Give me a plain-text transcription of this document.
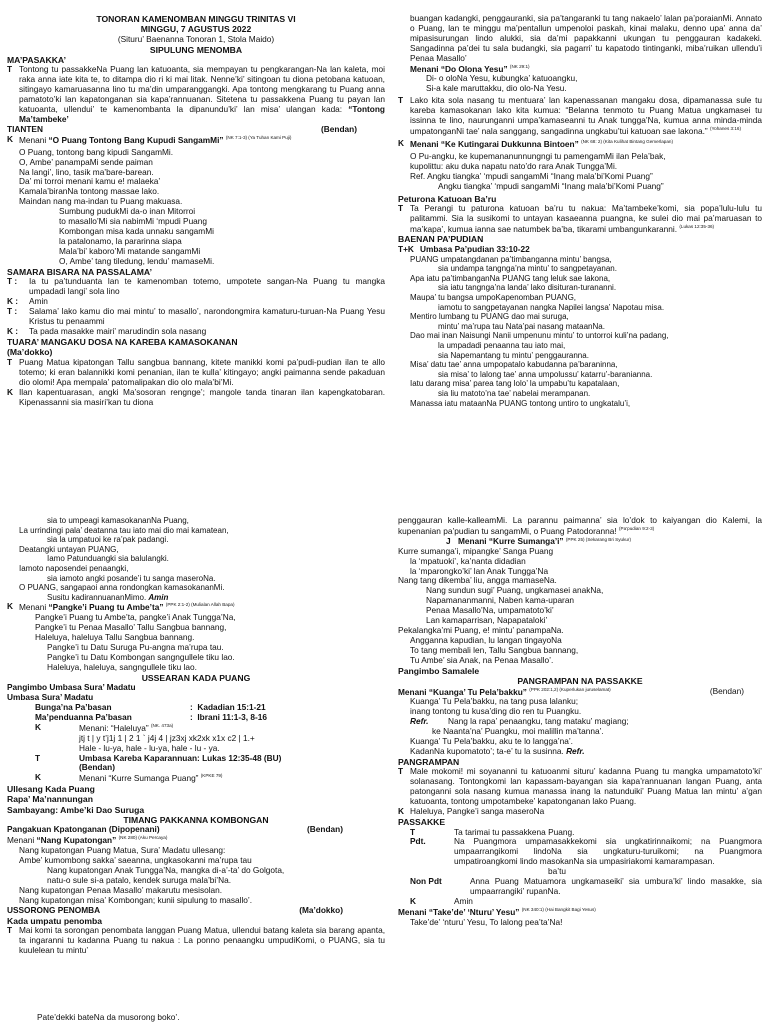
TONORAN KAMENOMBAN MINGGU TRINITAS VI
MINGGU, 7 AGUSTUS 2022
(Situru’ Baenanna Tonoran 1, Stola Maido)
SIPULUNG MENOMBA
MA’PASAKKA’
T Tontong tu passakkeNa Puang lan katuoanta, sia mempayan tu pengkarangan-Na lan kaleta, moi raka anna iate kita te, to ditampa dio ri ki mai litak. Nenne’ki’ sitingoan tu diona petobana katuoan, sitingayo kamaruasanna lino tu ma’din umparanggangki. Apa tontong mengkarang tu Puang anna pamatoto’ki lan kapatonganan sia kapa’rannuanan. Sitetena tu passakkena Puang tu payan lan katuoanta, ullendui’ te kamenombanta la dipanundu’ki’ lan misa’ ulangan kada: “Tontong Ma’tambeke’
TIANTEN	(Bendan)
K Menani “O Puang Tontong Bang Kupudi SangamMi” $^{(NK 7:1-3) (Ya Tuhan Kami Puji)}$
O Puang, tontong bang kipudi SangamMi.
O, Ambe’ panampaMi sende paiman
Na langi’, lino, tasik ma’bare-barean.
Da’ mi torroi menani kamu e! malaeka’
Kamala’biranNa tontong massae lako.
Maindan nang ma-indan tu Puang makuasa.
Sumbung pudukMi da-o inan Mitorroi
to masallo’Mi sia nabimMi ‘mpudi Puang
Kombongan misa kada unnaku sangamMi
la patalonamo, la pararinna siapa
Mala’bi’ kaboro’Mi matande sangamMi
O, Ambe’ tang tiledung, lendu’ mamaseMi.
SAMARA BISARA NA PASSALAMA’
T :	Ia tu pa’tunduanta lan te kamenomban totemo, umpotete sangan-Na Puang tu mangka umpadadi langi’ sola lino
K :	Amin
T :	Salama’ lako kamu dio mai mintu’ to masallo’, narondongmira kamaturu-turuan-Na Puang Yesu Kristus tu penaammi
K :	Ta pada masakke mairi’ marudindin sola nasang
TUARA’ MANGAKU DOSA NA KAREBA KAMASOKANAN
(Ma’dokko)
T Puang Matua kipatongan Tallu sangbua bannang, kitete manikki komi pa’pudi-pudian ilan te allo totemo; ki eran balannikki komi penanian, ilan te kulla’ kitingayo; angki paimanna sende pakaduan dio olomi! Apa mempala’ patomalipakan dio olo mala’bi’Mi.
K Ilan kapentuarasan, angki Ma’sosoran rengnge’; mangole tanda tinaran ilan kapengkatobaran. Kipenassanni sia masiri’kan tu diona
buangan kadangki, penggauranki, sia pa’tangaranki tu tang nakaelo’ lalan pa’poraianMi. Annato o Puang, lan te minggu ma’pentallun umpenoloi paskah, kinai malaku, denno upa’ anna da’ mipasisurungan lindo alukki, sia da’mi papakkanni ukungan tu penggauran kadakeki. Sangadinna pa’dei tu sala budangki, sia pagarri’ tu kapatodo tintinganki, miba’ruikan ullendu’i Penaa Masallo’
Menani “Do Olona Yesu” $^{(NK 29:1)}$
Di- o oloNa Yesu, kubungka’ katuoangku,
Si-a kale maruttakku, dio olo-Na Yesu.
T Lako kita sola nasang tu mentuara’ lan kapenassanan mangaku dosa, dipamanassa sule tu kareba kamasokanan lako kita kumua: “Belanna tenmoto tu Puang Matua ungkamasei tu issinna te lino, naurunganni umpa’kamaseanni tu Anak tungga’Na, kumua anna minda-minda umpatonganNi tae’ nala sanggang, sangadinna ungkabu’tui katuoan sae lakona.” $^{(Yohanes 3:16)}$
K Menani “Ke Kutingarai Dukkunna Bintoen” $^{(NK 68: 2) (Kita Kulihat Bintang Gemerlapan)}$
O Pu-angku, ke kupemananunnungngi tu pamengamMi ilan Pela’bak,
kupolittu: aku duka napatu nato’do rara Anak Tungga’Mi.
Ref. Angku tiangka’ ‘mpudi sangamMi “Inang mala’bi’Komi Puang”
Angku tiangka’ ‘mpudi sangamMi “Inang mala’bi’Komi Puang”
Peturona Katuoan Ba’ru
T Ta Perangi tu paturona katuoan ba’ru tu nakua: Ma’tambeke’komi, sia popa’lulu-lulu tu palitammi. Sia la susikomi to untayan kasaeanna puangna, ke sulei dio mai pa’maruasan to ma’kapa’, kumua ianna sae natumbek ba’ba, tikarami umbangunkaranni. $^{(Lukas 12:35-36)}$
BAENAN PA’PUDIAN
T+K Umbasa Pa’pudian 33:10-22
PUANG umpatangdanan pa’timbanganna mintu’ bangsa,
sia undampa tangnga’na mintu’ to sangpetayanan.
Apa iatu pa’timbanganNa PUANG tang leluk sae lakona,
sia iatu tangnga’na landa’ lako disituran-turananni.
Maupa’ tu bangsa umpoKapenomban PUANG,
iamotu to sangpetayanan nangka Napilei langsa’ Napotau misa.
Mentiro lumbang tu PUANG dao mai suruga,
mintu’ ma’rupa tau Nata’pai nasang mataanNa.
Dao mai inan Naisungi Nanii umpenunu mintu’ to untorroi kuli’na padang,
la umpadadi penaanna tau iato mai,
sia Napemantang tu mintu’ penggauranna.
Misa’ datu tae’ anna umpopatalo kabudanna pa’baraninna,
sia misa’ to lalong tae’ anna umpolussu’ katarru’-baranianna.
Iatu darang misa’ parea tang lolo’ la umpabu’tu kapatalaan,
sia liu matoto’na tae’ nabelai merampanan.
Manassa iatu mataanNa PUANG tontong untiro to ungkatalu’i,
sia to umpeagi kamasokananNa Puang,
La urrindingi pala’ deatanna tau iato mai dio mai kamatean,
sia la umpatuoi ke ra’pak padangi.
Deatangki untayan PUANG,
Iamo Patunduangki sia balulangki.
Iamoto naposendei penaangki,
sia iamoto angki posande’i tu sanga maseroNa.
O PUANG, sangapaoi anna rondongkan kamasokananMi.
Susitu kadirannuananMimo. Amin
K Menani “Pangke’i Puang tu Ambe’ta” $^{(PPK 2:1-2) (Mulialan Allah Bapa)}$
Pangke’i Puang tu Ambe’ta, pangke’i Anak Tungga’Na,
Pangke’i tu Penaa Masallo’ Tallu Sangbua bannang,
Haleluya, haleluya Tallu Sangbua bannang.
Pangke’i tu Datu Suruga Pu-angna ma’rupa tau.
Pangke’i tu Datu Kombongan sangngullele tiku lao.
Haleluya, haleluya, sangngullele tiku lao.
USSEARAN KADA PUANG
Pangimbo Umbasa Sura’ Madatu
Umbasa Sura’ Madatu
Bunga’na Pa’basan	: Kadadian 15:1-21
Ma’penduanna Pa’basan	: Ibrani 11:1-3, 8-16
K	Menani: “Haleluya” $^{(NK. 473a)}$
jtj t | y t’j1j 1 | 2 1 ` j4j 4 | jz3xj xk2xk x1x c2 | 1.+
Hale - lu-ya, hale - lu-ya, hale - lu - ya.
T	Umbasa Kareba Kaparannuan: Lukas 12:35-48 (BU)
(Bendan)
K	Menani “Kurre Sumanga Puang” $^{(KPKE 79)}$
Ullesang Kada Puang
Rapa’ Ma’nannungan
Sambayang: Ambe’ki Dao Suruga
TIMANG PAKKANNA KOMBONGAN
Pangakuan Kpatonganan (Dipopenani)	(Bendan)
Menani “Nang Kupatongan” $^{(NK 280) (Aku Percaya)}$
Nang kupatongan Puang Matua, Sura’ Madatu ullesang:
Ambe’ kumombong sakka’ saeanna, ungkasokanni ma’rupa tau
Nang kupatongan Anak Tungga’Na, mangka di-a’-ta’ do Golgota,
natu-o sule si-a patalo, kendek suruga mala’bi’Na.
Nang kupatongan Penaa Masallo’ makarutu mesisolan.
Nang kupatongan misa’ Kombongan; kunii sipulung to masallo’.
USSORONG PENOMBA	(Ma’dokko)
Kada umpatu penomba
T Mai komi ta sorongan penombata langgan Puang Matua, ullendui batang kaleta sia barang apanta, ta ingaranni tu kadanna Puang tu nakua : La ponno penaangku umpudiKomi, o PUANG, sia tu kuulelean tu mintu’
penggauran kalle-kalleamMi. La parannu paimanna’ sia lo’dok to kaiyangan dio Kalemi, la kupenanian pa’pudian tu sangamMi, o Puang Patodoranna! $^{(Pa’pudian 9:2-3)}$
J Menani “Kurre Sumanga’i”
(PPK 25) (Sekarang Bri Syukur)
Kurre sumanga’i, mipangke’ Sanga Puang
la ‘mpatuoki’, ka’nanta didadian
la ‘mparongko’ki’ lan Anak Tungga’Na
Nang tang dikemba’ liu, angga mamaseNa.
Nang sundun sugi’ Puang, ungkamasei anakNa,
Napamananmanni, Naben kama-uparan
Penaa Masallo’Na, umpamatoto’ki’
Lan kamaparrisan, Napapataloki’
Pekalangka’mi Puang, e! mintu’ panampaNa.
Angganna kapudian, lu langan tingayoNa
To tang membali len, Tallu Sangbua bannang,
Tu Ambe’ sia Anak, na Penaa Masallo’.
Pangimbo Samalele
PANGRAMPAN NA PASSAKKE
Menani “Kuanga’ Tu Pela’bakku” $^{(PPK 202:1,2) (Kuperlukan juruselamat)}$	(Bendan)
Kuanga’ Tu Pela’bakku, na tang pusa lalanku;
inang tontong tu kusa’ding dio ren tu Puangku.
Refr.	Nang la rapa’ penaangku, tang mataku’ magiang;
ke Naanta’na’ Puangku, moi malillin ma’tanna’.
Kuanga’ Tu Pela’bakku, aku te lo langga’na’.
KadanNa kupomatoto’; ta-e’ tu la susinna. Refr.
PANGRAMPAN
T Male mokomi! mi soyananni tu katuoanmi situru’ kadanna Puang tu mangka umpamatoto’ki’ solanasang. Tontongkomi lan kapassam-bayangan sia kapa’rannuanan langan Puang, anta patonganni sola nasang kumua manassa inang la natunduiki’ Puang Matua lan mintu’ a’gan katuoanta, tontong umpotambeke’ kapatonganan lako Puang.
K Haleluya, Pangke’i sanga maseroNa
PASSAKKE
T	Ta tarimai tu passakkena Puang.
Pdt.	Na Puangmora umpamasakkekomi sia ungkatirinnaikomi; na Puangmora umpaarrangikomi lindoNa sia ungkaturu-turuikomi; na Puangmora umpatiroangkomi lindo masokanNa sia umpasiriakomi kamarampasan.
ba’tu
Non Pdt	Anna Puang Matuamora ungkamaseiki’ sia umbura’ki’ lindo masakke, sia umpaarrangiki’ rupanNa.
K	Amin
Menani “Take’de’ ‘Nturu’ Yesu” $^{(NK 340:1) (Hai Bangkit Bagi Yesus)}$
Take’de’ ‘nturu’ Yesu, To lalong pea’ta’Na!
Pate’dekki bateNa da musorong boko’.
